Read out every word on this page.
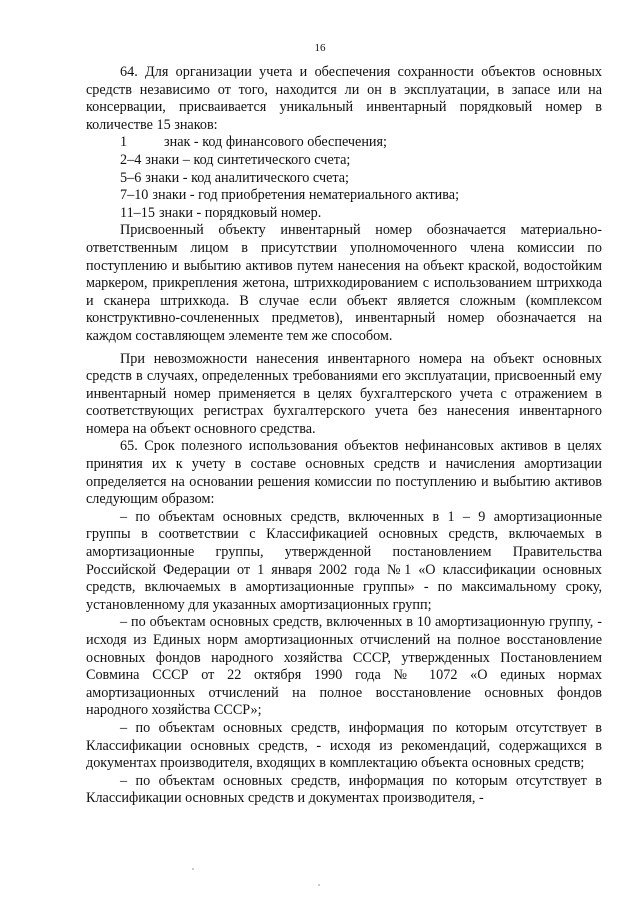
16

64. Для организации учета и обеспечения сохранности объектов основных средств независимо от того, находится ли он в эксплуатации, в запасе или на консервации, присваивается уникальный инвентарный порядковый номер в количестве 15 знаков:

1	знак - код финансового обеспечения;

2–4 знаки – код синтетического счета;

5–6 знаки - код аналитического счета;

7–10 знаки - год приобретения нематериального актива;

11–15 знаки - порядковый номер.

Присвоенный объекту инвентарный номер обозначается материально-ответственным лицом в присутствии уполномоченного члена комиссии по поступлению и выбытию активов путем нанесения на объект краской, водостойким маркером, прикрепления жетона, штрихкодированием с использованием штрихкода и сканера штрихкода. В случае если объект является сложным (комплексом конструктивно-сочлененных предметов), инвентарный номер обозначается на каждом составляющем элементе тем же способом.

При невозможности нанесения инвентарного номера на объект основных средств в случаях, определенных требованиями его эксплуатации, присвоенный ему инвентарный номер применяется в целях бухгалтерского учета с отражением в соответствующих регистрах бухгалтерского учета без нанесения инвентарного номера на объект основного средства.

65. Срок полезного использования объектов нефинансовых активов в целях принятия их к учету в составе основных средств и начисления амортизации определяется на основании решения комиссии по поступлению и выбытию активов следующим образом:

– по объектам основных средств, включенных в 1 – 9 амортизационные группы в соответствии с Классификацией основных средств, включаемых в амортизационные группы, утвержденной постановлением Правительства Российской Федерации от 1 января 2002 года №1 «О классификации основных средств, включаемых в амортизационные группы» - по максимальному сроку, установленному для указанных амортизационных групп;

– по объектам основных средств, включенных в 10 амортизационную группу, - исходя из Единых норм амортизационных отчислений на полное восстановление основных фондов народного хозяйства СССР, утвержденных Постановлением Совмина СССР от 22 октября 1990 года № 1072 «О единых нормах амортизационных отчислений на полное восстановление основных фондов народного хозяйства СССР»;

– по объектам основных средств, информация по которым отсутствует в Классификации основных средств, - исходя из рекомендаций, содержащихся в документах производителя, входящих в комплектацию объекта основных средств;

– по объектам основных средств, информация по которым отсутствует в Классификации основных средств и документах производителя, -
